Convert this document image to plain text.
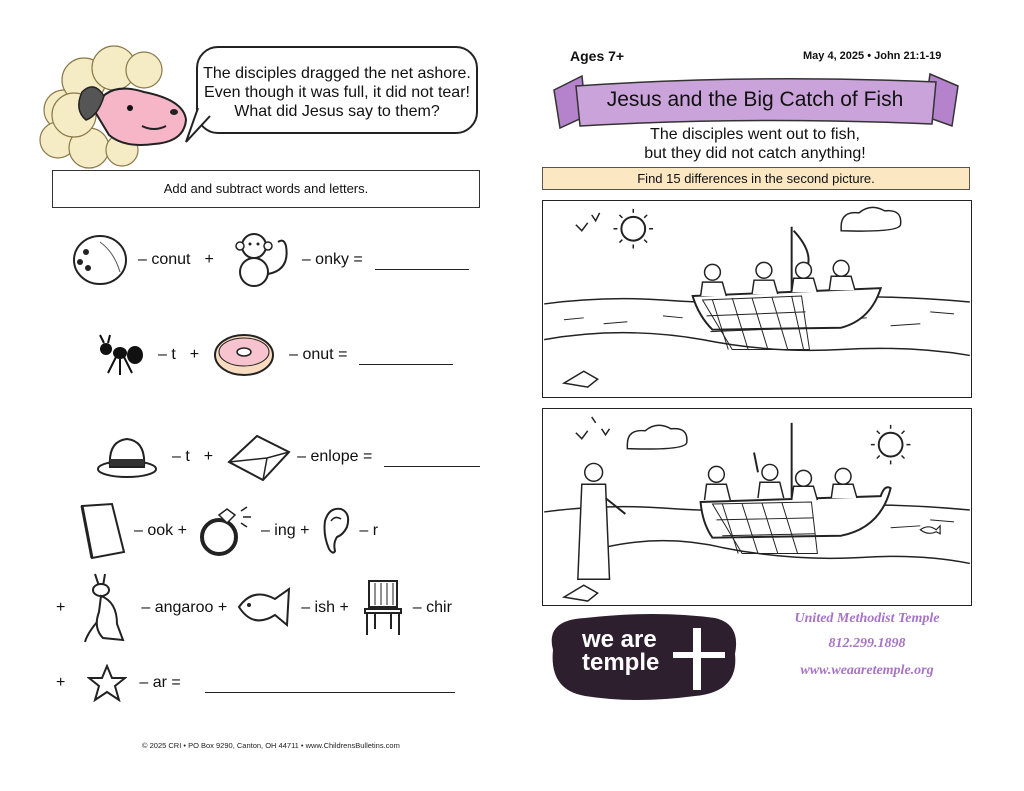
The disciples dragged the net ashore.
Even though it was full, it did not tear!
What did Jesus say to them?
Add and subtract words and letters.
– conut +	– onky =
– t +	– onut =
– t +	– enlope =
– ook +	– ing +	– r
+	– angaroo +	– ish +	– chir
+	– ar =
© 2025 CRI • PO Box 9290, Canton, OH 44711 • www.ChildrensBulletins.com
Ages 7+	May 4, 2025 • John 21:1-19
Jesus and the Big Catch of Fish
The disciples went out to fish,
but they did not catch anything!
Find 15 differences in the second picture.
we are
temple
United Methodist Temple
812.299.1898
www.weaaretemple.org
